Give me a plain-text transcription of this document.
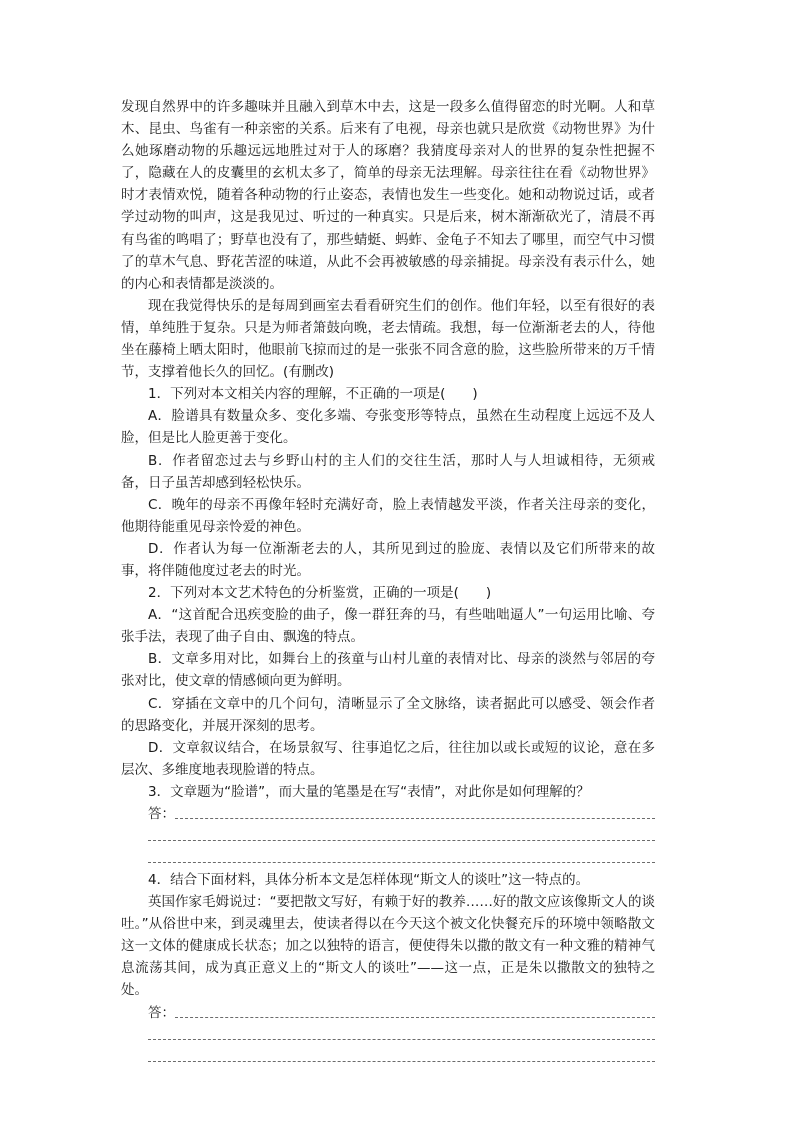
发现自然界中的许多趣味并且融入到草木中去，这是一段多么值得留恋的时光啊。人和草木、昆虫、鸟雀有一种亲密的关系。后来有了电视，母亲也就只是欣赏《动物世界》为什么她琢磨动物的乐趣远远地胜过对于人的琢磨？我猜度母亲对人的世界的复杂性把握不了，隐藏在人的皮囊里的玄机太多了，简单的母亲无法理解。母亲往往在看《动物世界》时才表情欢悦，随着各种动物的行止姿态，表情也发生一些变化。她和动物说过话，或者学过动物的叫声，这是我见过、听过的一种真实。只是后来，树木渐渐砍光了，清晨不再有鸟雀的鸣唱了；野草也没有了，那些蜻蜓、蚂蚱、金龟子不知去了哪里，而空气中习惯了的草木气息、野花苦涩的味道，从此不会再被敏感的母亲捕捉。母亲没有表示什么，她的内心和表情都是淡淡的。

现在我觉得快乐的是每周到画室去看看研究生们的创作。他们年轻，以至有很好的表情，单纯胜于复杂。只是为师者箫鼓向晚，老去情疏。我想，每一位渐渐老去的人，待他坐在藤椅上晒太阳时，他眼前飞掠而过的是一张张不同含意的脸，这些脸所带来的万千情节，支撑着他长久的回忆。(有删改)

1．下列对本文相关内容的理解，不正确的一项是(　　)

A．脸谱具有数量众多、变化多端、夸张变形等特点，虽然在生动程度上远远不及人脸，但是比人脸更善于变化。

B．作者留恋过去与乡野山村的主人们的交往生活，那时人与人坦诚相待，无须戒备，日子虽苦却感到轻松快乐。

C．晚年的母亲不再像年轻时充满好奇，脸上表情越发平淡，作者关注母亲的变化，他期待能重见母亲怜爱的神色。

D．作者认为每一位渐渐老去的人，其所见到过的脸庞、表情以及它们所带来的故事，将伴随他度过老去的时光。

2．下列对本文艺术特色的分析鉴赏，正确的一项是(　　)

A．“这首配合迅疾变脸的曲子，像一群狂奔的马，有些咄咄逼人”一句运用比喻、夸张手法，表现了曲子自由、飘逸的特点。

B．文章多用对比，如舞台上的孩童与山村儿童的表情对比、母亲的淡然与邻居的夸张对比，使文章的情感倾向更为鲜明。

C．穿插在文章中的几个问句，清晰显示了全文脉络，读者据此可以感受、领会作者的思路变化，并展开深刻的思考。

D．文章叙议结合，在场景叙写、往事追忆之后，往往加以或长或短的议论，意在多层次、多维度地表现脸谱的特点。

3．文章题为“脸谱”，而大量的笔墨是在写“表情”，对此你是如何理解的？

答：

4．结合下面材料，具体分析本文是怎样体现“斯文人的谈吐”这一特点的。

英国作家毛姆说过：“要把散文写好，有赖于好的教养……好的散文应该像斯文人的谈吐。”从俗世中来，到灵魂里去，使读者得以在今天这个被文化快餐充斥的环境中领略散文这一文体的健康成长状态；加之以独特的语言，便使得朱以撒的散文有一种文雅的精神气息流荡其间，成为真正意义上的“斯文人的谈吐”——这一点，正是朱以撒散文的独特之处。

答：
